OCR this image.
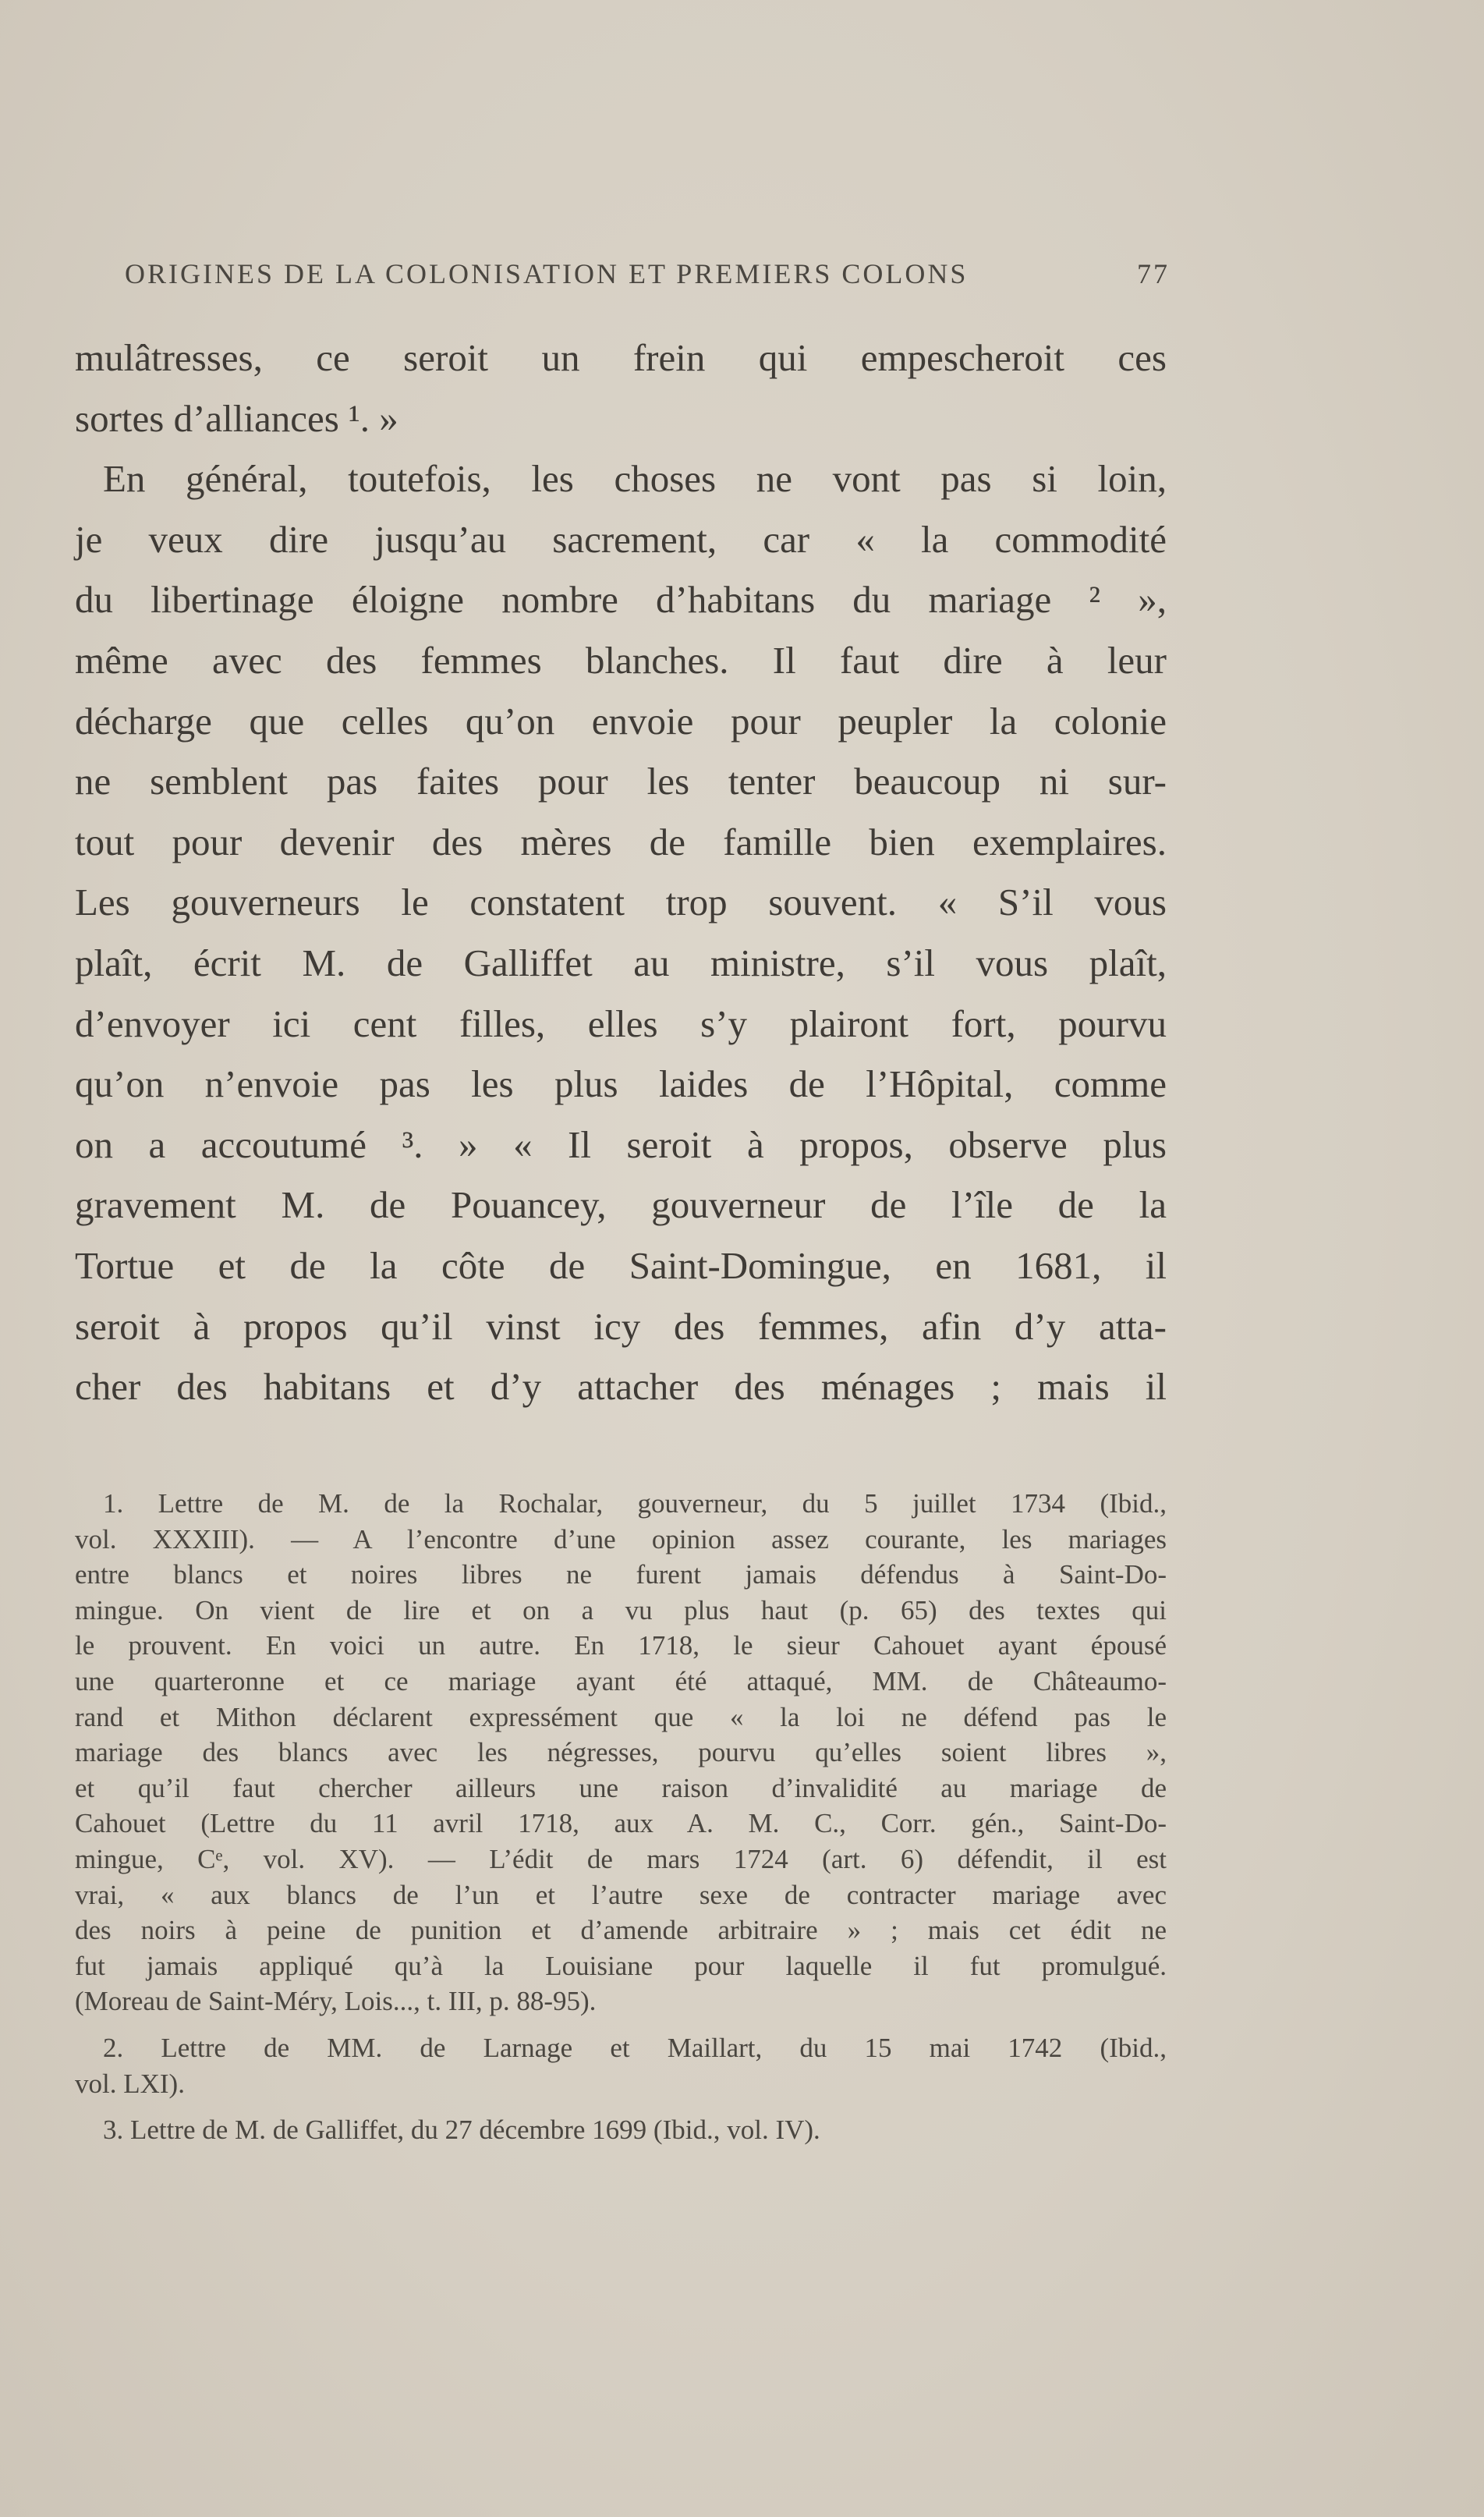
ORIGINES DE LA COLONISATION ET PREMIERS COLONS	77
mulâtresses, ce seroit un frein qui empescheroit ces
sortes d’alliances ¹. »
En général, toutefois, les choses ne vont pas si loin,
je veux dire jusqu’au sacrement, car « la commodité
du libertinage éloigne nombre d’habitans du mariage ² »,
même avec des femmes blanches. Il faut dire à leur
décharge que celles qu’on envoie pour peupler la colonie
ne semblent pas faites pour les tenter beaucoup ni sur-
tout pour devenir des mères de famille bien exemplaires.
Les gouverneurs le constatent trop souvent. « S’il vous
plaît, écrit M. de Galliffet au ministre, s’il vous plaît,
d’envoyer ici cent filles, elles s’y plairont fort, pourvu
qu’on n’envoie pas les plus laides de l’Hôpital, comme
on a accoutumé ³. » « Il seroit à propos, observe plus
gravement M. de Pouancey, gouverneur de l’île de la
Tortue et de la côte de Saint-Domingue, en 1681, il
seroit à propos qu’il vinst icy des femmes, afin d’y atta-
cher des habitans et d’y attacher des ménages ; mais il
1. Lettre de M. de la Rochalar, gouverneur, du 5 juillet 1734 (Ibid.,
vol. XXXIII). — A l’encontre d’une opinion assez courante, les mariages
entre blancs et noires libres ne furent jamais défendus à Saint-Do-
mingue. On vient de lire et on a vu plus haut (p. 65) des textes qui
le prouvent. En voici un autre. En 1718, le sieur Cahouet ayant épousé
une quarteronne et ce mariage ayant été attaqué, MM. de Châteaumo-
rand et Mithon déclarent expressément que « la loi ne défend pas le
mariage des blancs avec les négresses, pourvu qu’elles soient libres »,
et qu’il faut chercher ailleurs une raison d’invalidité au mariage de
Cahouet (Lettre du 11 avril 1718, aux A. M. C., Corr. gén., Saint-Do-
mingue, Cᵉ, vol. XV). — L’édit de mars 1724 (art. 6) défendit, il est
vrai, « aux blancs de l’un et l’autre sexe de contracter mariage avec
des noirs à peine de punition et d’amende arbitraire » ; mais cet édit ne
fut jamais appliqué qu’à la Louisiane pour laquelle il fut promulgué.
(Moreau de Saint-Méry, Lois..., t. III, p. 88-95).
2. Lettre de MM. de Larnage et Maillart, du 15 mai 1742 (Ibid.,
vol. LXI).
3. Lettre de M. de Galliffet, du 27 décembre 1699 (Ibid., vol. IV).
